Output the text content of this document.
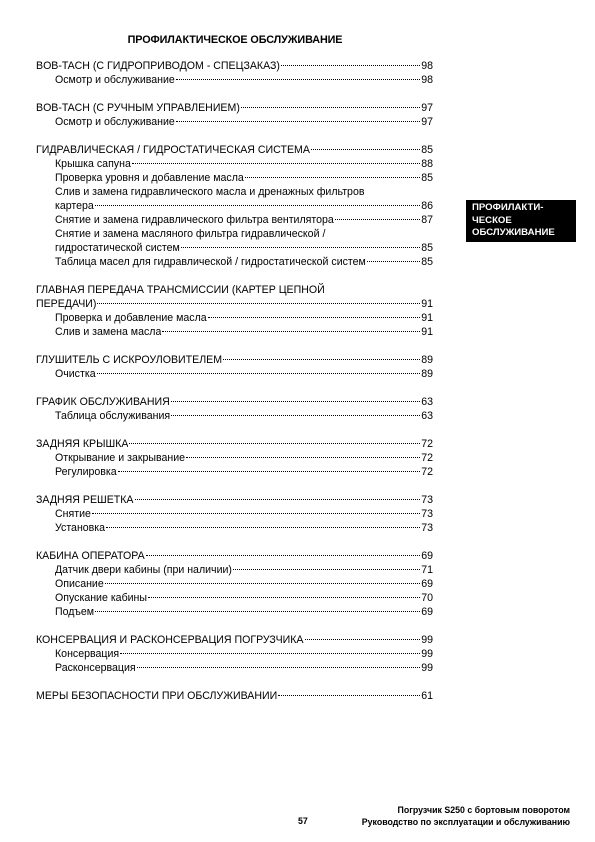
ПРОФИЛАКТИЧЕСКОЕ ОБСЛУЖИВАНИЕ
BOB-TACH (С ГИДРОПРИВОДОМ - СПЕЦЗАКАЗ)	98
Осмотр и обслуживание	98
BOB-TACH (С РУЧНЫМ УПРАВЛЕНИЕМ)	97
Осмотр и обслуживание	97
ГИДРАВЛИЧЕСКАЯ / ГИДРОСТАТИЧЕСКАЯ СИСТЕМА	85
Крышка сапуна	88
Проверка уровня и добавление масла	85
Слив и замена гидравлического масла и дренажных фильтров
картера	86
Снятие и замена гидравлического фильтра вентилятора	87
Снятие и замена масляного фильтра гидравлической /
гидростатической систем	85
Таблица масел для гидравлической / гидростатической систем	85
ГЛАВНАЯ ПЕРЕДАЧА ТРАНСМИССИИ (КАРТЕР ЦЕПНОЙ
ПЕРЕДАЧИ)	91
Проверка и добавление масла	91
Слив и замена масла	91
ГЛУШИТЕЛЬ С ИСКРОУЛОВИТЕЛЕМ	89
Очистка	89
ГРАФИК ОБСЛУЖИВАНИЯ	63
Таблица обслуживания	63
ЗАДНЯЯ КРЫШКА	72
Открывание и закрывание	72
Регулировка	72
ЗАДНЯЯ РЕШЕТКА	73
Снятие	73
Установка	73
КАБИНА ОПЕРАТОРА	69
Датчик двери кабины (при наличии)	71
Описание	69
Опускание кабины	70
Подъем	69
КОНСЕРВАЦИЯ И РАСКОНСЕРВАЦИЯ ПОГРУЗЧИКА	99
Консервация	99
Расконсервация	99
МЕРЫ БЕЗОПАСНОСТИ ПРИ ОБСЛУЖИВАНИИ	61
ПРОФИЛАКТИ-
ЧЕСКОЕ
ОБСЛУЖИВАНИЕ
57
Погрузчик S250 с бортовым поворотом
Руководство по эксплуатации и обслуживанию
